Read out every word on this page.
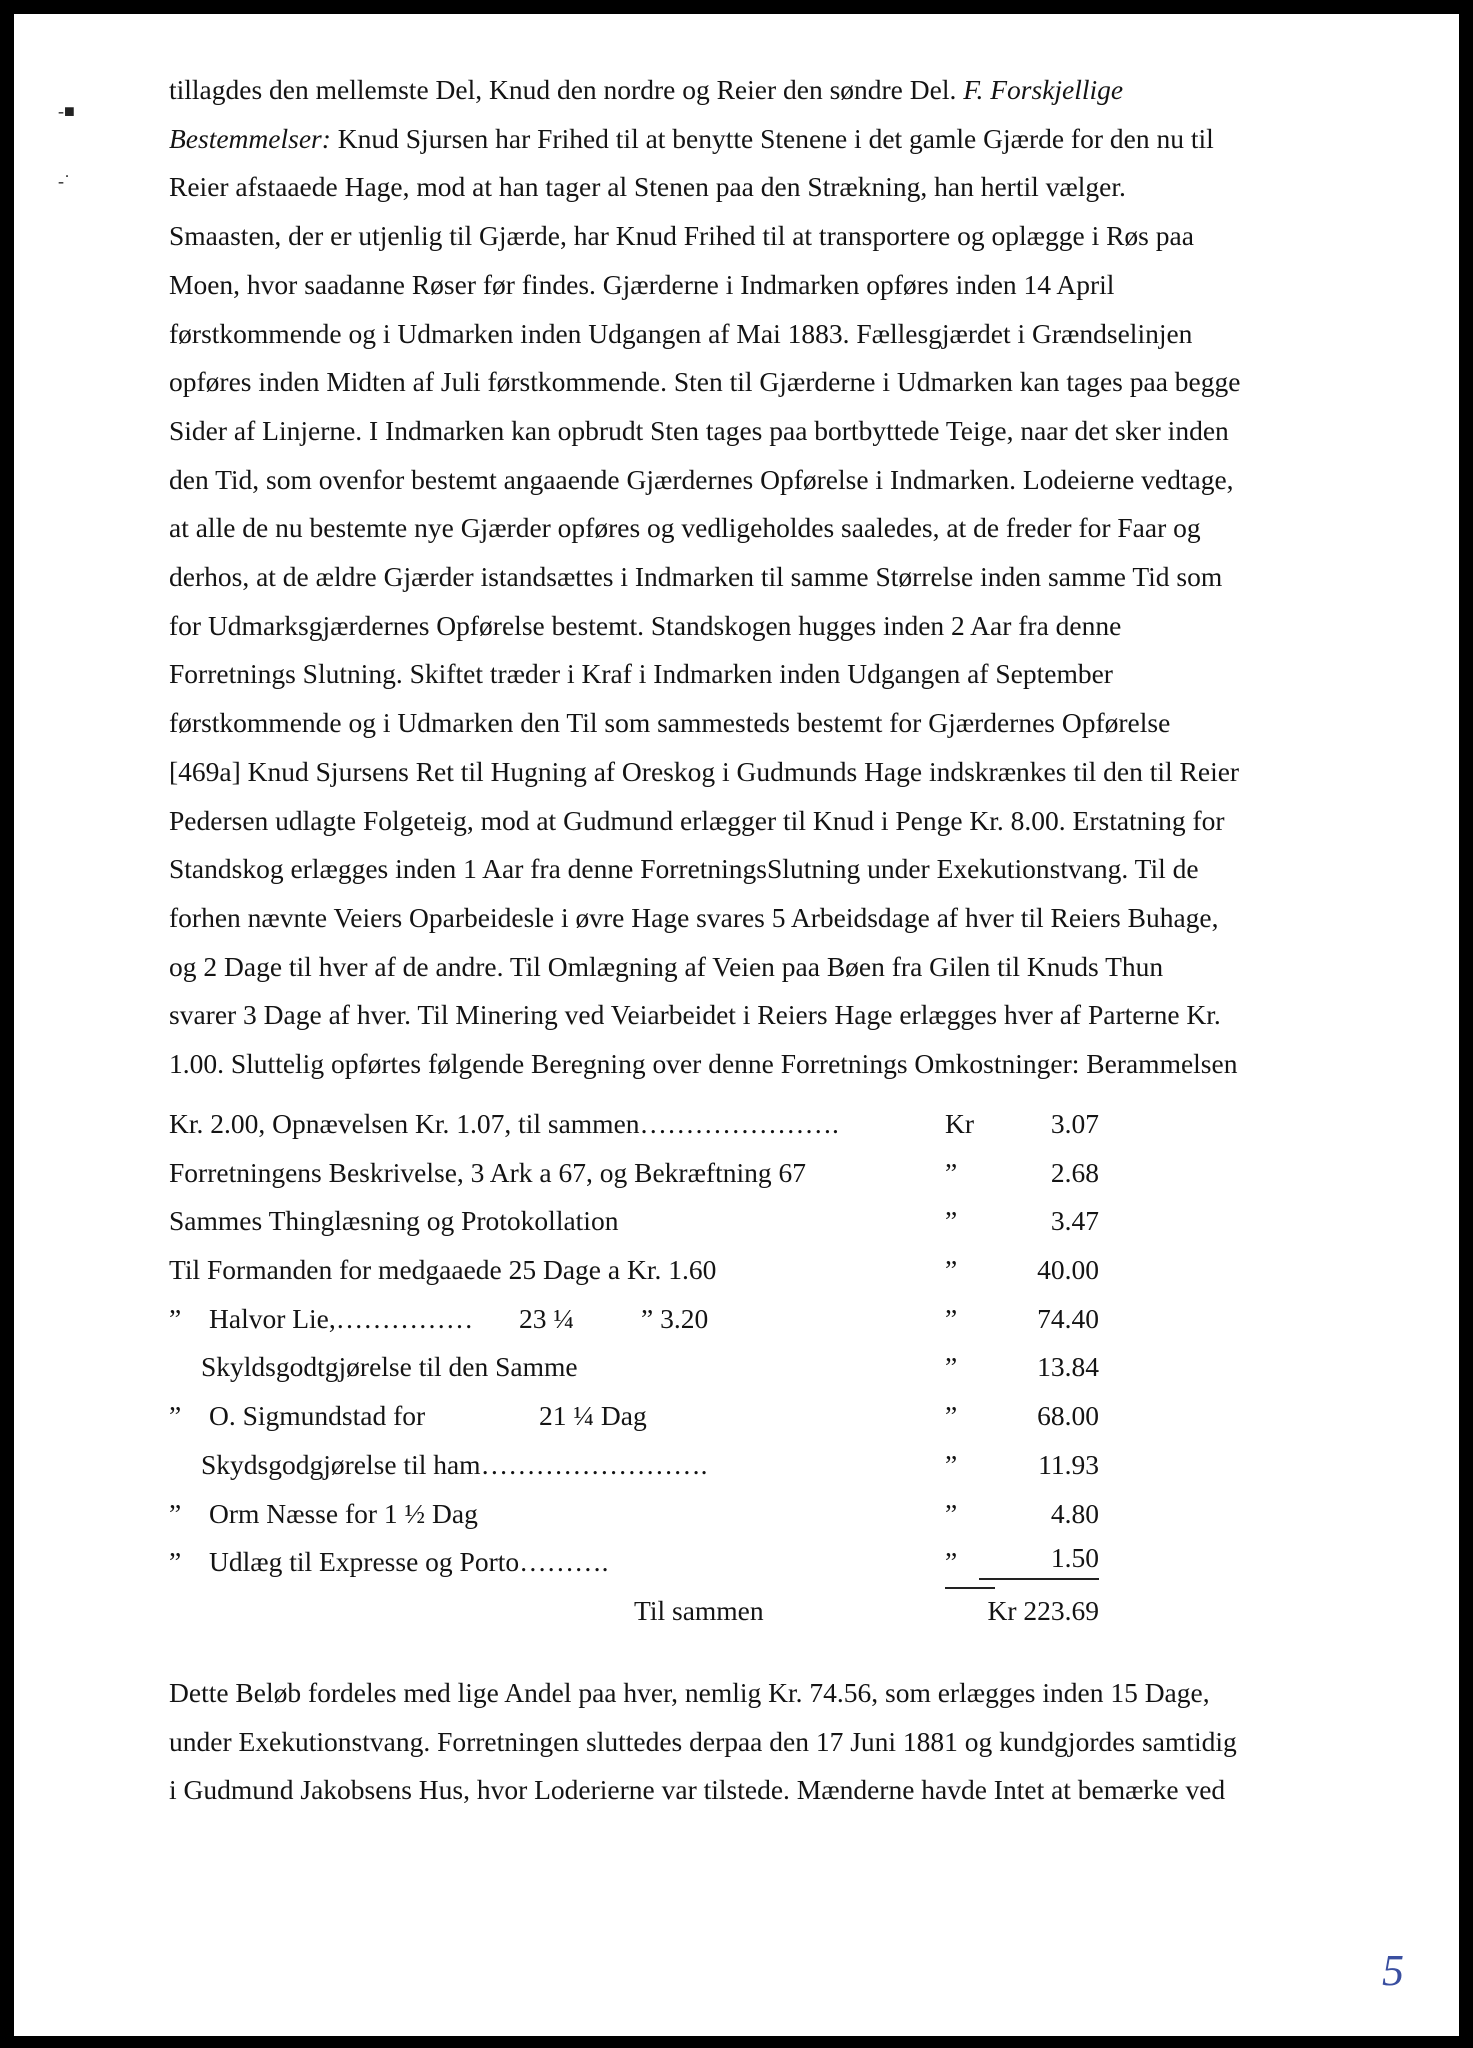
-■
-˙

tillagdes den mellemste Del, Knud den nordre og Reier den søndre Del. F. Forskjellige

Bestemmelser: Knud Sjursen har Frihed til at benytte Stenene i det gamle Gjærde for den nu til

Reier afstaaede Hage, mod at han tager al Stenen paa den Strækning, han hertil vælger.

Smaasten, der er utjenlig til Gjærde, har Knud Frihed til at transportere og oplægge i Røs paa

Moen, hvor saadanne Røser før findes. Gjærderne i Indmarken opføres inden 14 April

førstkommende og i Udmarken inden Udgangen af Mai 1883. Fællesgjærdet i Grændselinjen

opføres inden Midten af Juli førstkommende. Sten til Gjærderne i Udmarken kan tages paa begge

Sider af Linjerne. I Indmarken kan opbrudt Sten tages paa bortbyttede Teige, naar det sker inden

den Tid, som ovenfor bestemt angaaende Gjærdernes Opførelse i Indmarken. Lodeierne vedtage,

at alle de nu bestemte nye Gjærder opføres og vedligeholdes saaledes, at de freder for Faar og

derhos, at de ældre Gjærder istandsættes i Indmarken til samme Størrelse inden samme Tid som

for Udmarksgjærdernes Opførelse bestemt. Standskogen hugges inden 2 Aar fra denne

Forretnings Slutning. Skiftet træder i Kraf i Indmarken inden Udgangen af September

førstkommende og i Udmarken den Til som sammesteds bestemt for Gjærdernes Opførelse

[469a] Knud Sjursens Ret til Hugning af Oreskog i Gudmunds Hage indskrænkes til den til Reier

Pedersen udlagte Folgeteig, mod at Gudmund erlægger til Knud i Penge Kr. 8.00. Erstatning for

Standskog erlægges inden 1 Aar fra denne ForretningsSlutning under Exekutionstvang. Til de

forhen nævnte Veiers Oparbeidesle i øvre Hage svares 5 Arbeidsdage af hver til Reiers Buhage,

og 2 Dage til hver af de andre. Til Omlægning af Veien paa Bøen fra Gilen til Knuds Thun

svarer 3 Dage af hver. Til Minering ved Veiarbeidet i Reiers Hage erlægges hver af Parterne Kr.

1.00. Sluttelig opførtes følgende Beregning over denne Forretnings Omkostninger: Berammelsen

Kr. 2.00, Opnævelsen Kr. 1.07, til sammen………………….	Kr	3.07
Forretningens Beskrivelse, 3 Ark a 67, og Bekræftning 67	”	2.68
Sammes Thinglæsning og Protokollation	”	3.47
Til Formanden for medgaaede 25 Dage a Kr. 1.60	”	40.00
” Halvor Lie,…………… 23 ¼ ” 3.20	”	74.40
Skyldsgodtgjørelse til den Samme	”	13.84
” O. Sigmundstad for	21 ¼ Dag	”	68.00
Skydsgodgjørelse til ham…………………….	”	11.93
” Orm Næsse for 1 ½ Dag	”	4.80
” Udlæg til Expresse og Porto……….	”	1.50
Til sammen	Kr 223.69

Dette Beløb fordeles med lige Andel paa hver, nemlig Kr. 74.56, som erlægges inden 15 Dage,

under Exekutionstvang. Forretningen sluttedes derpaa den 17 Juni 1881 og kundgjordes samtidig

i Gudmund Jakobsens Hus, hvor Loderierne var tilstede. Mænderne havde Intet at bemærke ved

5
